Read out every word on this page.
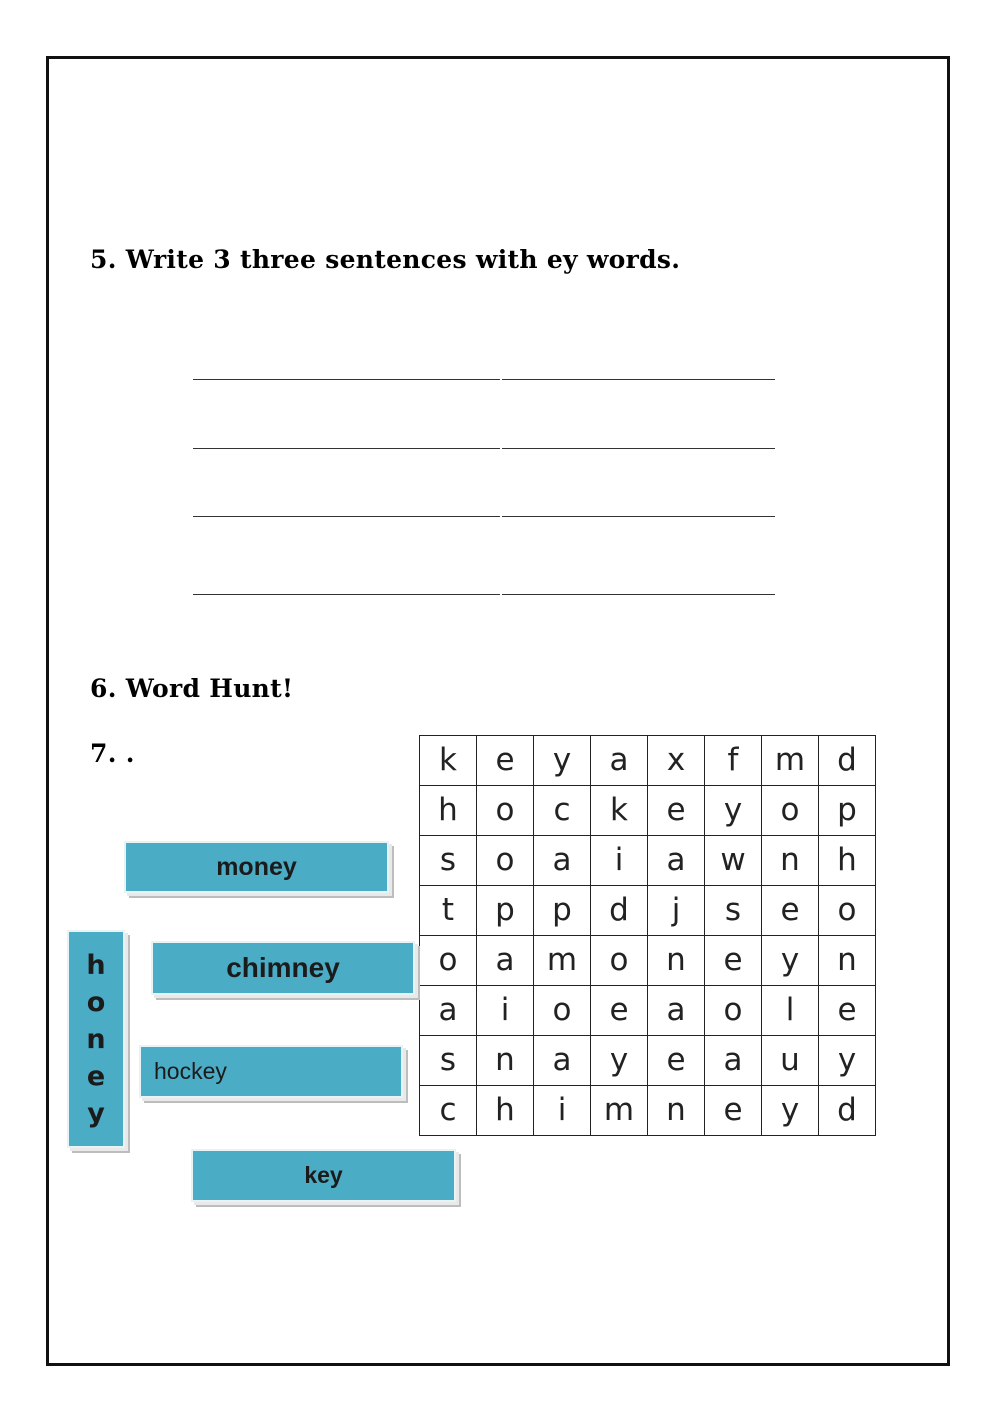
5. Write 3 three sentences with ey words.
6. Word Hunt!
7. .	k	e	y	a	x	f	m	d
h	o	c	k	e	y	o	p
s	o	a	i	a	w	n	h
t	p	p	d	j	s	e	o
o	a	m	o	n	e	y	n
a	i	o	e	a	o	l	e
s	n	a	y	e	a	u	y
c	h	i	m	n	e	y	d
money
chimney
hockey
key
h
o
n
e
y
